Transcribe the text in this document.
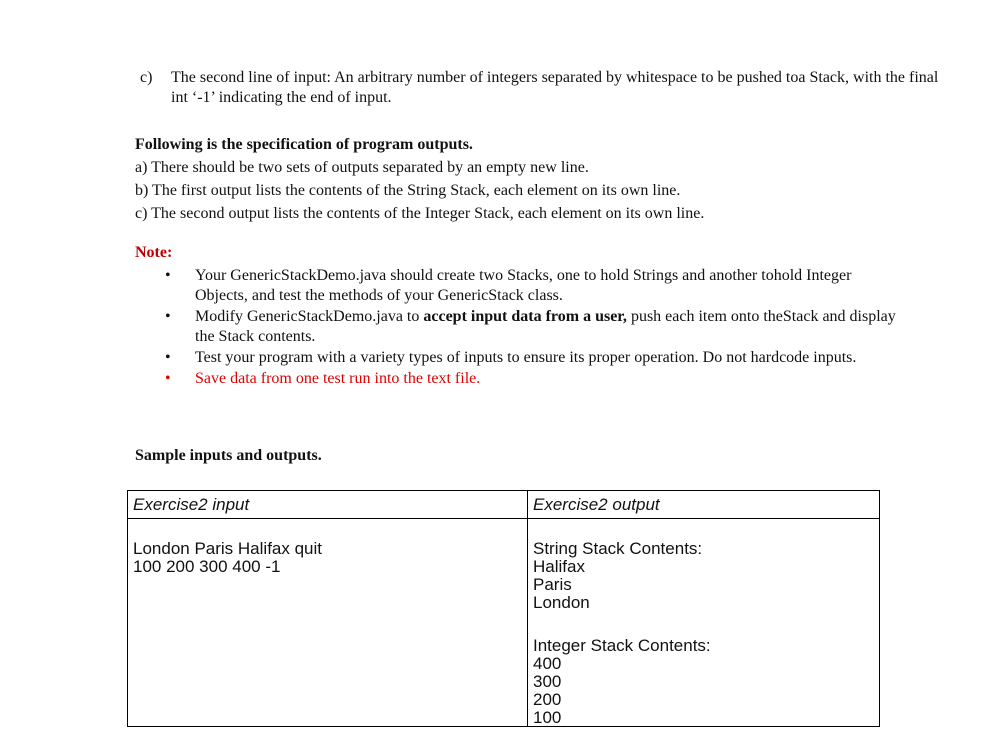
c) The second line of input: An arbitrary number of integers separated by whitespace to be pushed toa Stack, with the final int ‘-1’ indicating the end of input.
Following is the specification of program outputs.
a) There should be two sets of outputs separated by an empty new line.
b) The first output lists the contents of the String Stack, each element on its own line.
c) The second output lists the contents of the Integer Stack, each element on its own line.
Note:
• Your GenericStackDemo.java should create two Stacks, one to hold Strings and another tohold Integer Objects, and test the methods of your GenericStack class.
• Modify GenericStackDemo.java to accept input data from a user, push each item onto theStack and display the Stack contents.
• Test your program with a variety types of inputs to ensure its proper operation. Do not hardcode inputs.
• Save data from one test run into the text file.
Sample inputs and outputs.
Exercise2 input
London Paris Halifax quit
100 200 300 400 -1
Exercise2 output
String Stack Contents:
Halifax
Paris
London
Integer Stack Contents:
400
300
200
100
